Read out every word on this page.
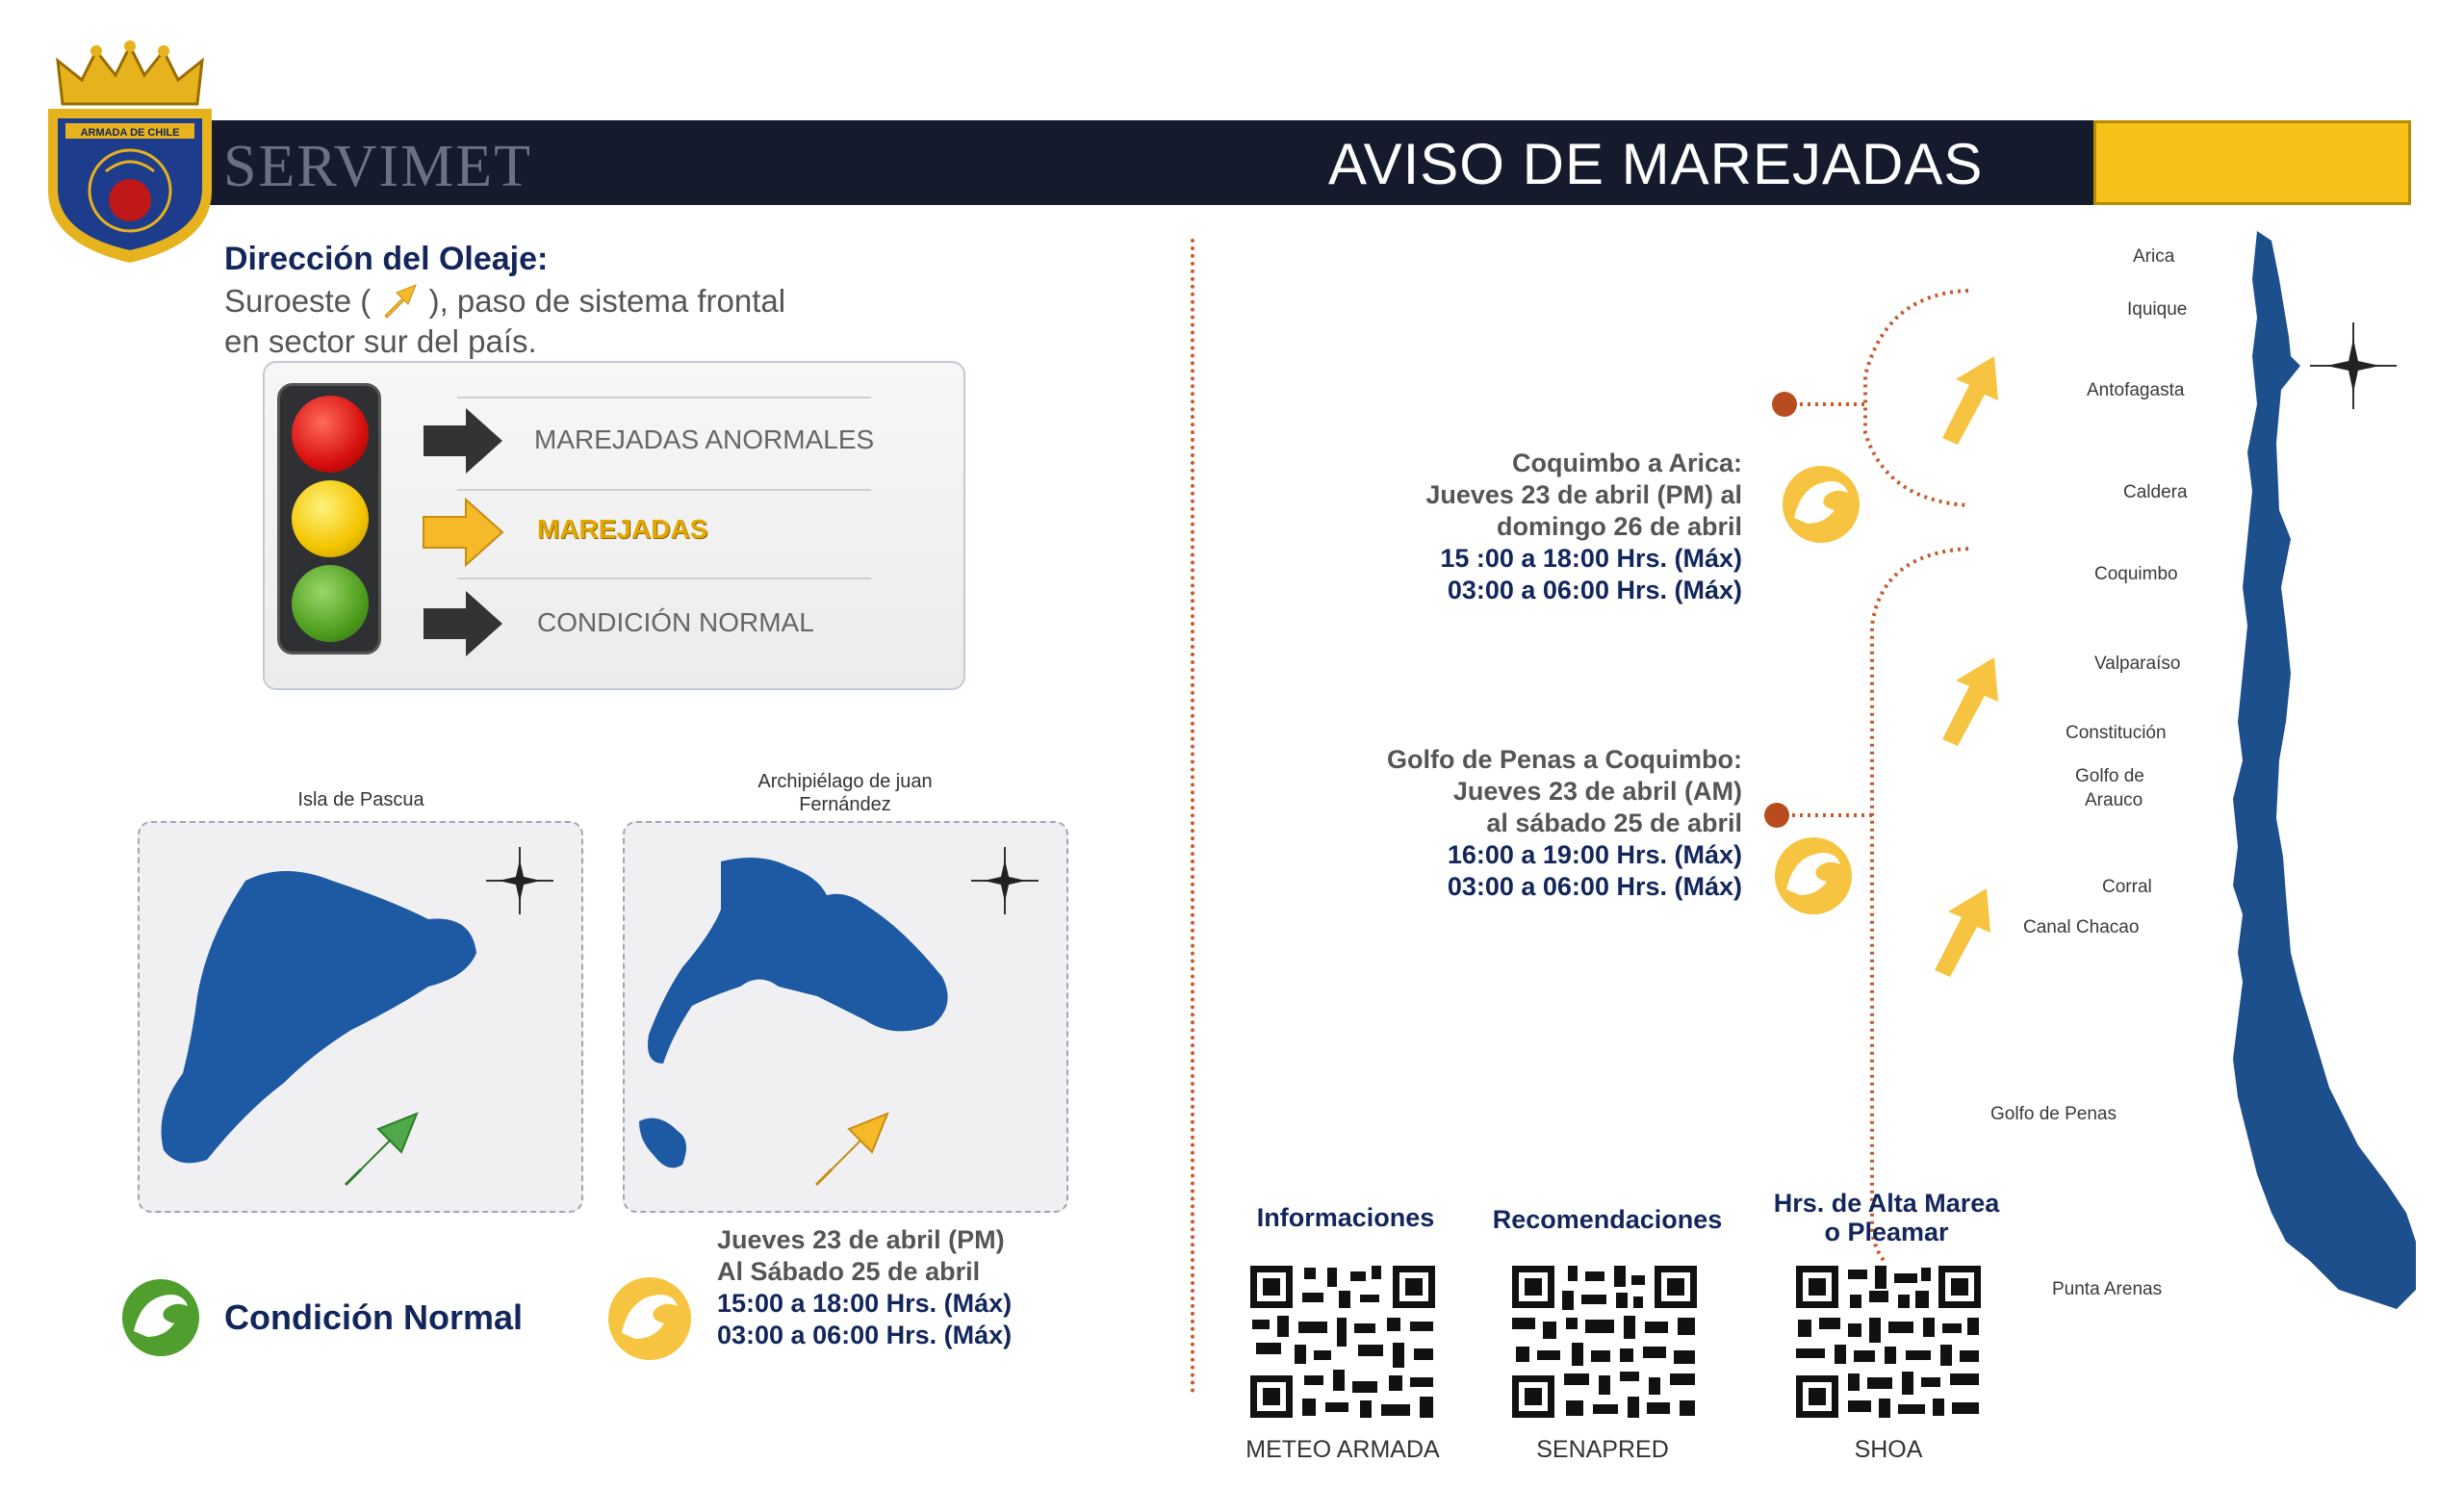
SERVIMET	AVISO DE MAREJADAS
ARMADA DE CHILE
Dirección del Oleaje:
Suroeste ( ), paso de sistema frontal
en sector sur del país.
MAREJADAS ANORMALES
MAREJADAS
CONDICIÓN NORMAL
Isla de Pascua
Archipiélago de juan
Fernández
Condición Normal
Jueves 23 de abril (PM)
Al Sábado 25 de abril
15:00 a 18:00 Hrs. (Máx)
03:00 a 06:00 Hrs. (Máx)
Coquimbo a Arica:
Jueves 23 de abril (PM) al
domingo 26 de abril
15 :00 a 18:00 Hrs. (Máx)
03:00 a 06:00 Hrs. (Máx)
Golfo de Penas a Coquimbo:
Jueves 23 de abril (AM)
al sábado 25 de abril
16:00 a 19:00 Hrs. (Máx)
03:00 a 06:00 Hrs. (Máx)
Arica
Iquique
Antofagasta
Caldera
Coquimbo
Valparaíso
Constitución
Golfo de
Arauco
Corral
Canal Chacao
Golfo de Penas
Punta Arenas
Informaciones	Recomendaciones
Hrs. de Alta Marea
o Pleamar
METEO ARMADA	SENAPRED	SHOA
